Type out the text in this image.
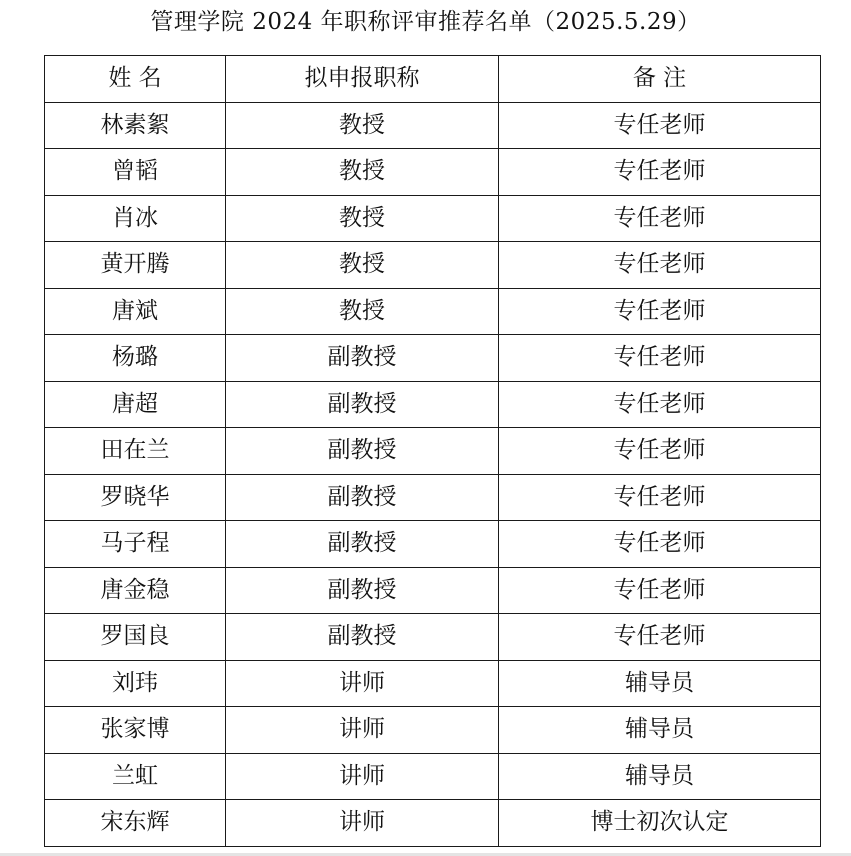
管理学院 2024 年职称评审推荐名单（2025.5.29）
姓 名	拟申报职称	备 注
林素絮	教授	专任老师
曾韬	教授	专任老师
肖冰	教授	专任老师
黄开腾	教授	专任老师
唐斌	教授	专任老师
杨璐	副教授	专任老师
唐超	副教授	专任老师
田在兰	副教授	专任老师
罗晓华	副教授	专任老师
马子程	副教授	专任老师
唐金稳	副教授	专任老师
罗国良	副教授	专任老师
刘玮	讲师	辅导员
张家博	讲师	辅导员
兰虹	讲师	辅导员
宋东辉	讲师	博士初次认定
